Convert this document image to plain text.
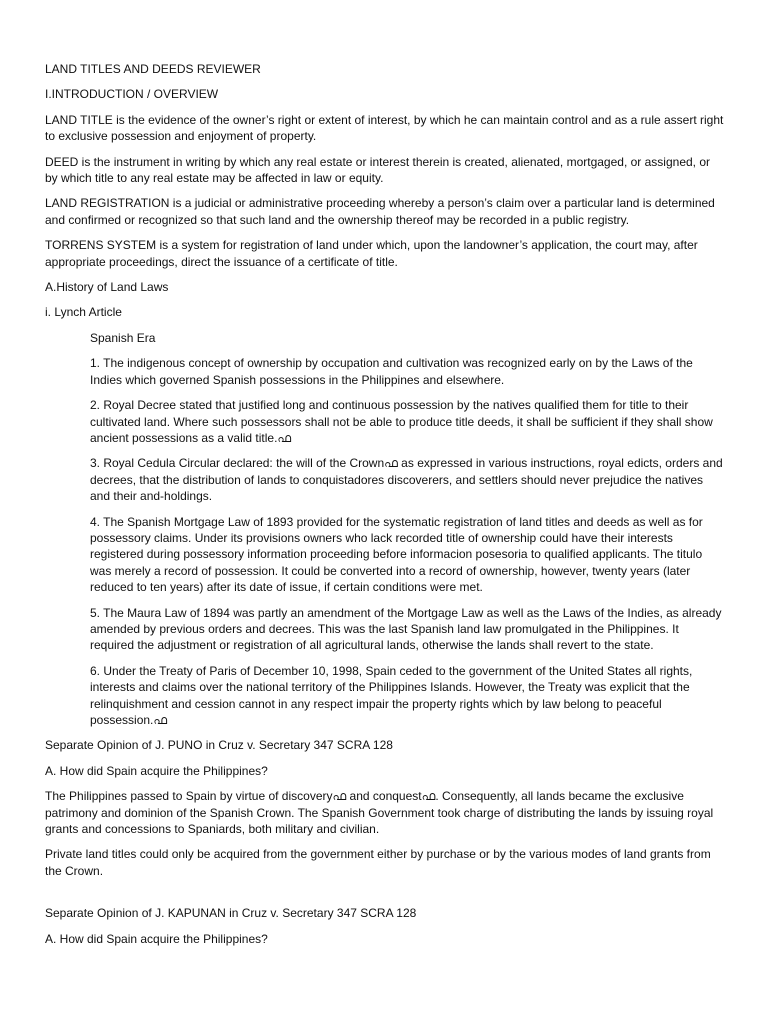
LAND TITLES AND DEEDS REVIEWER

I.INTRODUCTION / OVERVIEW

LAND TITLE is the evidence of the owner’s right or extent of interest, by which he can maintain control and as a rule assert right to exclusive possession and enjoyment of property.

DEED is the instrument in writing by which any real estate or interest therein is created, alienated, mortgaged, or assigned, or by which title to any real estate may be affected in law or equity.

LAND REGISTRATION is a judicial or administrative proceeding whereby a person’s claim over a particular land is determined and confirmed or recognized so that such land and the ownership thereof may be recorded in a public registry.

TORRENS SYSTEM is a system for registration of land under which, upon the landowner’s application, the court may, after appropriate proceedings, direct the issuance of a certificate of title.

A.History of Land Laws

i. Lynch Article

Spanish Era

1. The indigenous concept of ownership by occupation and cultivation was recognized early on by the Laws of the Indies which governed Spanish possessions in the Philippines and elsewhere.

2. Royal Decree stated that justified long and continuous possession by the natives qualified them for title to their cultivated land. Where such possessors shall not be able to produce title deeds, it shall be sufficient if they shall show ancient possessions as a valid title.ഫ

3. Royal Cedula Circular declared: the will of the Crownഫ as expressed in various instructions, royal edicts, orders and decrees, that the distribution of lands to conquistadores discoverers, and settlers should never prejudice the natives and their and-holdings.

4. The Spanish Mortgage Law of 1893 provided for the systematic registration of land titles and deeds as well as for possessory claims. Under its provisions owners who lack recorded title of ownership could have their interests registered during possessory information proceeding before informacion posesoria to qualified applicants. The titulo was merely a record of possession. It could be converted into a record of ownership, however, twenty years (later reduced to ten years) after its date of issue, if certain conditions were met.

5. The Maura Law of 1894 was partly an amendment of the Mortgage Law as well as the Laws of the Indies, as already amended by previous orders and decrees. This was the last Spanish land law promulgated in the Philippines. It required the adjustment or registration of all agricultural lands, otherwise the lands shall revert to the state.

6. Under the Treaty of Paris of December 10, 1998, Spain ceded to the government of the United States all rights, interests and claims over the national territory of the Philippines Islands. However, the Treaty was explicit that the relinquishment and cession cannot in any respect impair the property rights which by law belong to peaceful possession.ഫ

Separate Opinion of J. PUNO in Cruz v. Secretary 347 SCRA 128

A. How did Spain acquire the Philippines?

The Philippines passed to Spain by virtue of discoveryഫ and conquestഫ. Consequently, all lands became the exclusive patrimony and dominion of the Spanish Crown. The Spanish Government took charge of distributing the lands by issuing royal grants and concessions to Spaniards, both military and civilian.

Private land titles could only be acquired from the government either by purchase or by the various modes of land grants from the Crown.

Separate Opinion of J. KAPUNAN in Cruz v. Secretary 347 SCRA 128

A. How did Spain acquire the Philippines?
